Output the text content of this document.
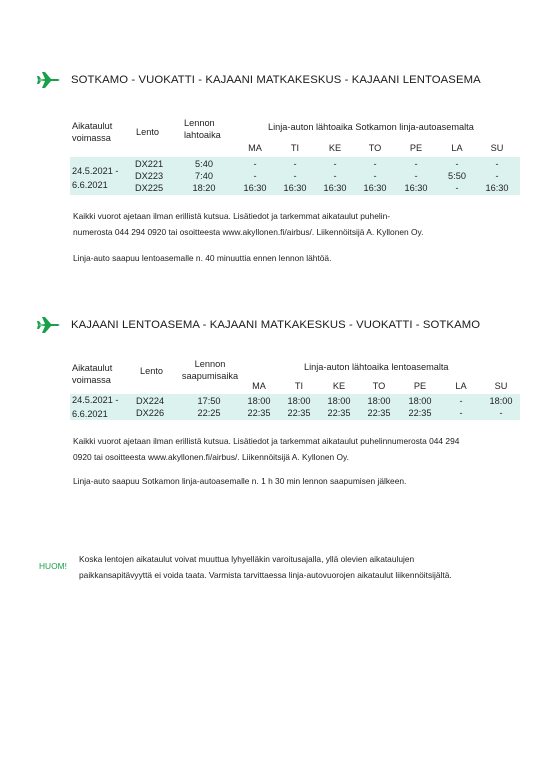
SOTKAMO - VUOKATTI - KAJAANI MATKAKESKUS - KAJAANI LENTOASEMA
Aikataulut voimassa
Lento
Lennon lahtoaika
Linja-auton lähtoaika Sotkamon linja-autoasemalta
MA	TI	KE	TO	PE	LA	SU
24.5.2021 -
6.6.2021
DX221	5:40	-	-	-	-	-	-	-
DX223	7:40	-	-	-	-	-	5:50	-
DX225	18:20	16:30 16:30 16:30 16:30 16:30	-	16:30

Kaikki vuorot ajetaan ilman erillistä kutsua. Lisätiedot ja tarkemmat aikataulut puhelin-

numerosta 044 294 0920 tai osoitteesta www.akyllonen.fi/airbus/. Liikennöitsijä A. Kyllonen Oy.

Linja-auto saapuu lentoasemalle n. 40 minuuttia ennen lennon lähtöä.

KAJAANI LENTOASEMA - KAJAANI MATKAKESKUS - VUOKATTI - SOTKAMO
Aikataulut voimassa
Lento
Lennon saapumisaika
Linja-auton lähtoaika lentoasemalta
MA	TI	KE	TO	PE	LA	SU
24.5.2021 -
6.6.2021
DX224	17:50	18:00 18:00 18:00 18:00 18:00	-	18:00
DX226	22:25	22:35 22:35 22:35 22:35 22:35	-	-

Kaikki vuorot ajetaan ilman erillistä kutsua. Lisätiedot ja tarkemmat aikataulut puhelinnumerosta 044 294

0920 tai osoitteesta www.akyllonen.fi/airbus/. Liikennöitsijä A. Kyllonen Oy.

Linja-auto saapuu Sotkamon linja-autoasemalle n. 1 h 30 min lennon saapumisen jälkeen.

HUOM!
Koska lentojen aikataulut voivat muuttua lyhyelläkin varoitusajalla, yllä olevien aikataulujen
paikkansapitävyyttä ei voida taata. Varmista tarvittaessa linja-autovuorojen aikataulut liikennöitsijältä.
